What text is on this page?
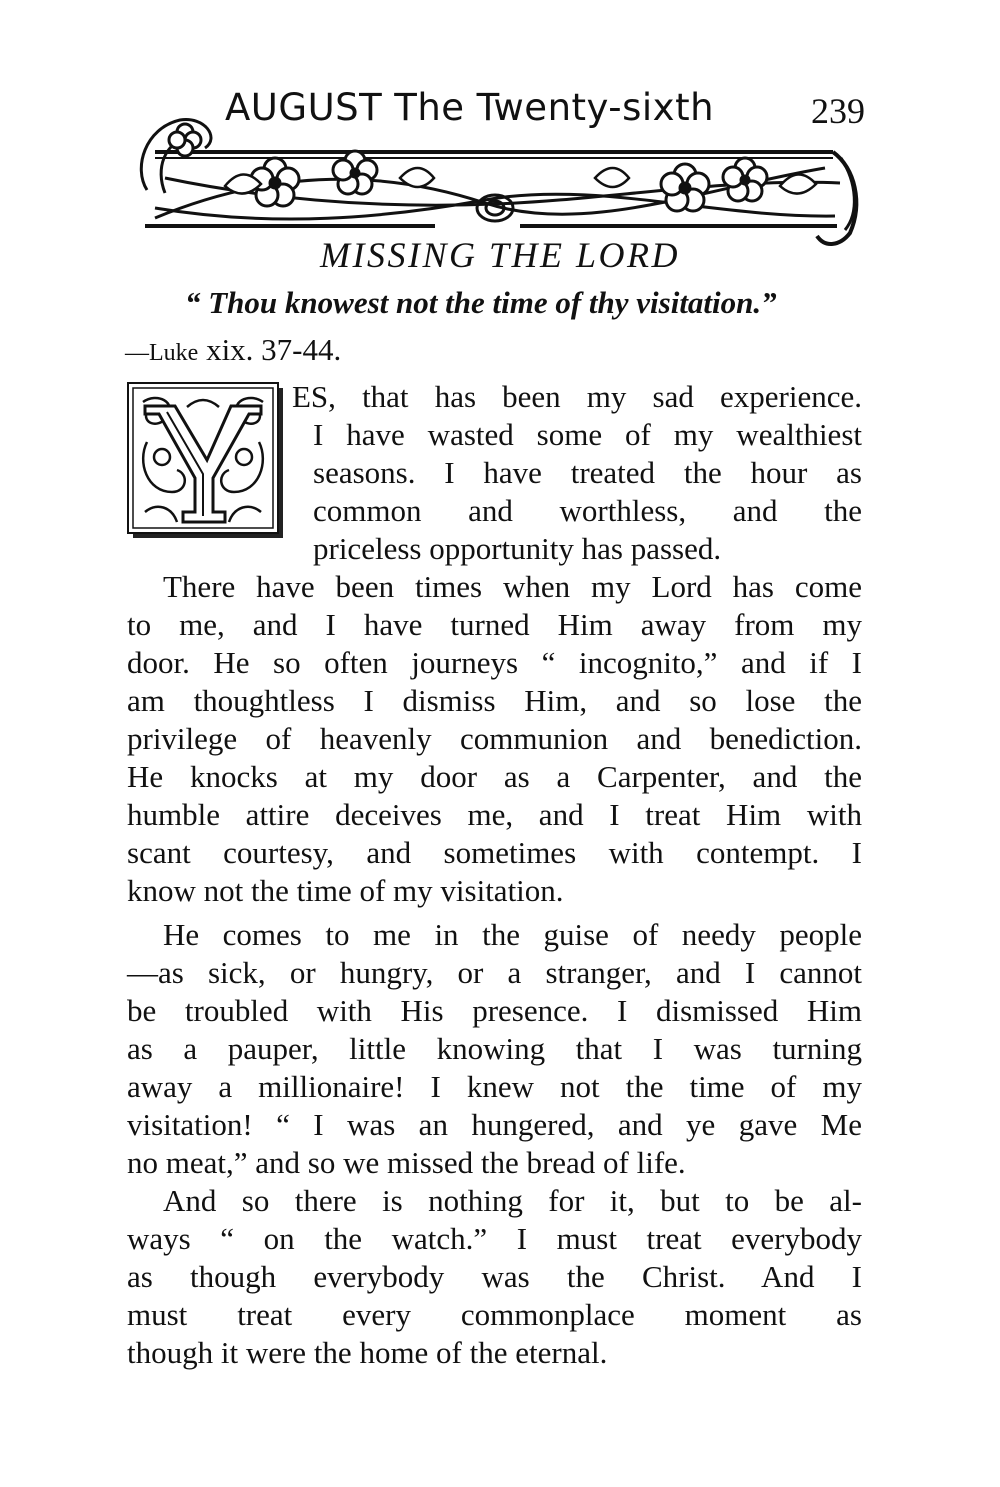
AUGUST The Twenty-sixth	239
MISSING THE LORD
“ Thou knowest not the time of thy visitation.”
—Luke xix. 37-44.
ES, that has been my sad experience.
I have wasted some of my wealthiest
seasons. I have treated the hour as
common and worthless, and the
priceless opportunity has passed.
There have been times when my Lord has come
to me, and I have turned Him away from my
door. He so often journeys “ incognito,” and if I
am thoughtless I dismiss Him, and so lose the
privilege of heavenly communion and benediction.
He knocks at my door as a Carpenter, and the
humble attire deceives me, and I treat Him with
scant courtesy, and sometimes with contempt. I
know not the time of my visitation.
He comes to me in the guise of needy people
—as sick, or hungry, or a stranger, and I cannot
be troubled with His presence. I dismissed Him
as a pauper, little knowing that I was turning
away a millionaire! I knew not the time of my
visitation! “ I was an hungered, and ye gave Me
no meat,” and so we missed the bread of life.
And so there is nothing for it, but to be al-
ways “ on the watch.” I must treat everybody
as though everybody was the Christ. And I
must treat every commonplace moment as
though it were the home of the eternal.
